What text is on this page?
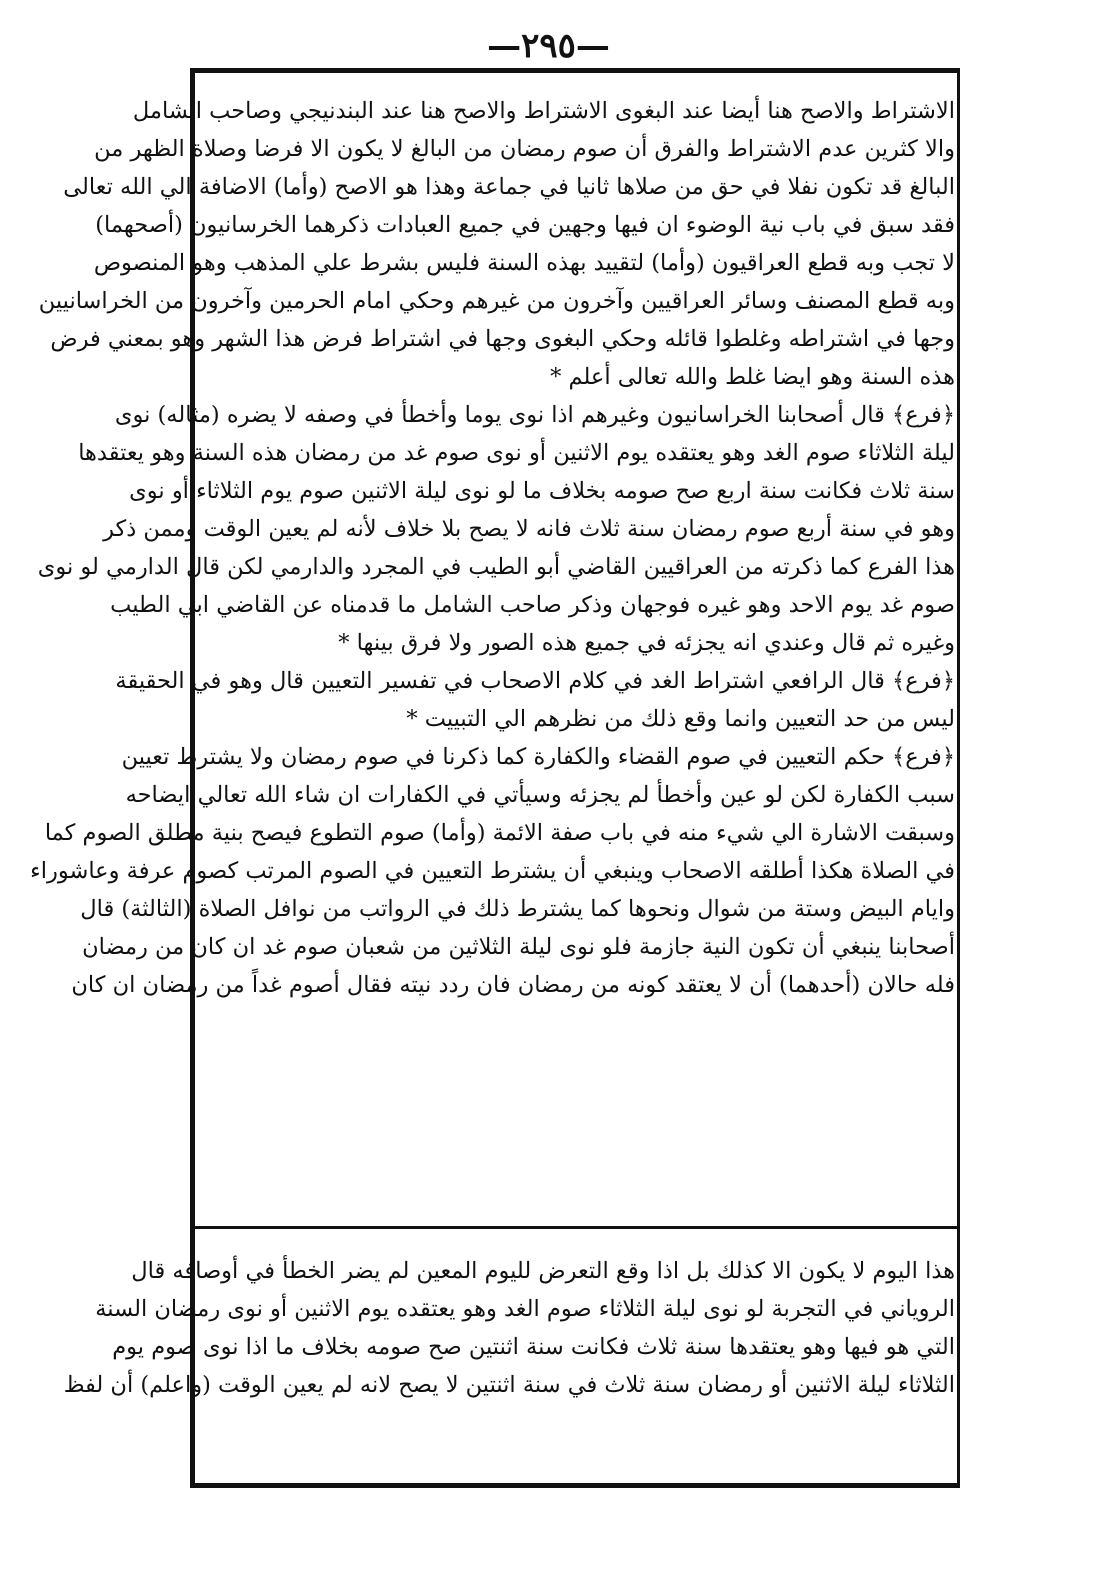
—٢٩٥—
الاشتراط والاصح هنا أيضا عند البغوى الاشتراط والاصح هنا عند البندنيجي وصاحب الشامل
والا كثرين عدم الاشتراط والفرق أن صوم رمضان من البالغ لا يكون الا فرضا وصلاة الظهر من
البالغ قد تكون نفلا في حق من صلاها ثانيا في جماعة وهذا هو الاصح (وأما) الاضافة الي الله تعالى
فقد سبق في باب نية الوضوء ان فيها وجهين في جميع العبادات ذكرهما الخرسانيون (أصحهما)
لا تجب وبه قطع العراقيون (وأما) لتقييد بهذه السنة فليس بشرط علي المذهب وهو المنصوص
وبه قطع المصنف وسائر العراقيين وآخرون من غيرهم وحكي امام الحرمين وآخرون من الخراسانيين
وجها في اشتراطه وغلطوا قائله وحكي البغوى وجها في اشتراط فرض هذا الشهر وهو بمعني فرض
هذه السنة وهو ايضا غلط والله تعالى أعلم *
﴿فرع﴾ قال أصحابنا الخراسانيون وغيرهم اذا نوى يوما وأخطأ في وصفه لا يضره (مثاله) نوى
ليلة الثلاثاء صوم الغد وهو يعتقده يوم الاثنين أو نوى صوم غد من رمضان هذه السنة وهو يعتقدها
سنة ثلاث فكانت سنة اربع صح صومه بخلاف ما لو نوى ليلة الاثنين صوم يوم الثلاثاء أو نوى
وهو في سنة أربع صوم رمضان سنة ثلاث فانه لا يصح بلا خلاف لأنه لم يعين الوقت وممن ذكر
هذا الفرع كما ذكرته من العراقيين القاضي أبو الطيب في المجرد والدارمي لكن قال الدارمي لو نوى
صوم غد يوم الاحد وهو غيره فوجهان وذكر صاحب الشامل ما قدمناه عن القاضي ابي الطيب
وغيره ثم قال وعندي انه يجزئه في جميع هذه الصور ولا فرق بينها *
﴿فرع﴾ قال الرافعي اشتراط الغد في كلام الاصحاب في تفسير التعيين قال وهو في الحقيقة
ليس من حد التعيين وانما وقع ذلك من نظرهم الي التبييت *
﴿فرع﴾ حكم التعيين في صوم القضاء والكفارة كما ذكرنا في صوم رمضان ولا يشترط تعيين
سبب الكفارة لكن لو عين وأخطأ لم يجزئه وسيأتي في الكفارات ان شاء الله تعالي ايضاحه
وسبقت الاشارة الي شيء منه في باب صفة الائمة (وأما) صوم التطوع فيصح بنية مطلق الصوم كما
في الصلاة هكذا أطلقه الاصحاب وينبغي أن يشترط التعيين في الصوم المرتب كصوم عرفة وعاشوراء
وايام البيض وستة من شوال ونحوها كما يشترط ذلك في الرواتب من نوافل الصلاة (الثالثة) قال
أصحابنا ينبغي أن تكون النية جازمة فلو نوى ليلة الثلاثين من شعبان صوم غد ان كان من رمضان
فله حالان (أحدهما) أن لا يعتقد كونه من رمضان فان ردد نيته فقال أصوم غداً من رمضان ان كان
هذا اليوم لا يكون الا كذلك بل اذا وقع التعرض لليوم المعين لم يضر الخطأ في أوصافه قال
الروياني في التجربة لو نوى ليلة الثلاثاء صوم الغد وهو يعتقده يوم الاثنين أو نوى رمضان السنة
التي هو فيها وهو يعتقدها سنة ثلاث فكانت سنة اثنتين صح صومه بخلاف ما اذا نوى صوم يوم
الثلاثاء ليلة الاثنين أو رمضان سنة ثلاث في سنة اثنتين لا يصح لانه لم يعين الوقت (واعلم) أن لفظ
